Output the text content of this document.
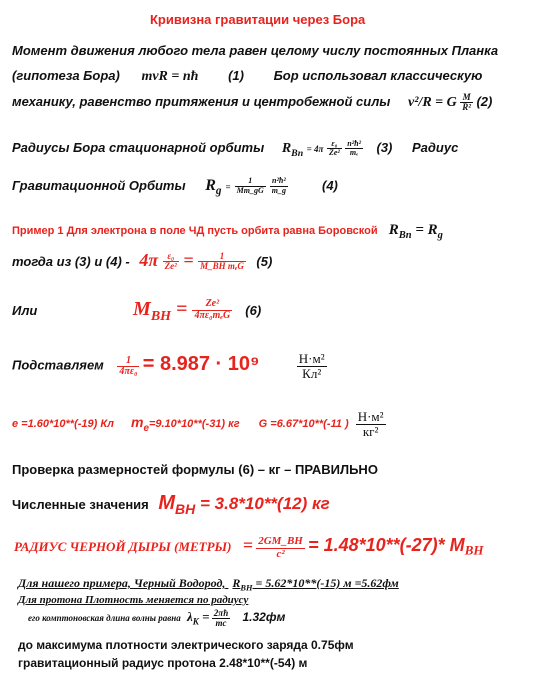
Кривизна гравитации через Бора
Момент движения любого тела равен целому числу постоянных Планка
(гипотеза Бора) mvR = nħ (1) Бор использовал классическую
механику, равенство притяжения и центробежной силы v²/R = G $\frac{M}{\text{R²}} (2)$
Радиусы Бора стационарной орбиты $R_{Bn} = 4\pi \frac{\text{ε₀}}{\text{Ze²}}$
$\frac{\text{n²ħ²}}{\text{mₑ}} (3)$ Радиус
Гравитационной Орбиты $R_g = \frac{1}{Mm\_gG}$
$\frac{\text{n²ħ²}}{m\_g}$	(4)
Пример 1 Для электрона в поле ЧД пусть орбита равна Боровской $R_{Bn} = R_g$
тогда из (3) и $(4) - 4\pi \frac{\text{ε₀}}{\text{Ze²}} = \frac{1}{\text{M\_BH mₑG}} (5)$
Или	$M_{BH} = \frac{\text{Ze²}}{\text{4πε₀mₑG}} (6)$
Подставляем $\frac{1}{\text{4πε₀}} = 8.987 \cdot 10^9$	$\frac{\text{Н·м²}}{\text{Кл²}}$
e =1.60*10**(-19) Кл $m_e=9.10*10**(-31)$ кг G =6.67*10**(-11 ) $\frac{\text{Н·м²}}{\text{кг²}}$
Проверка размерностей формулы (6) – кг – ПРАВИЛЬНО
Численные значения $M_{BH} = 3.8*10**(12)$ кг
РАДИУС ЧЕРНОЙ ДЫРЫ (МЕТРЫ) = $\frac{2GM\_BH}{\text{c²}} = 1.48*10**(-27)*$ $M_{BH}$
Для нашего примера, Черный Водород, $R_{BH} = 5.62*10**(-15)$ м =5.62фм
Для протона Плотность меняется по радиусу
его комптоновская длина волны равна $\lambda_K = \frac{2\pi ħ}{mc} 1.32фм$
до максимума плотности электрического заряда 0.75фм
гравитационный радиус протона 2.48*10**(-54) м
